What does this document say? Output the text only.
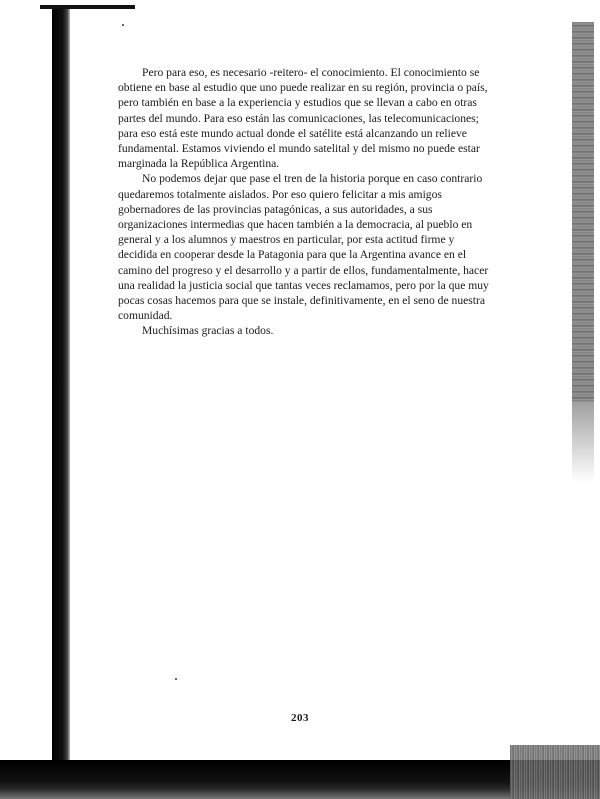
Pero para eso, es necesario -reitero- el conocimiento. El conocimiento se obtiene en base al estudio que uno puede realizar en su región, provincia o país, pero también en base a la experiencia y estudios que se llevan a cabo en otras partes del mundo. Para eso están las comunicaciones, las telecomunicaciones; para eso está este mundo actual donde el satélite está alcanzando un relieve fundamental. Estamos viviendo el mundo satelital y del mismo no puede estar marginada la República Argentina.

No podemos dejar que pase el tren de la historia porque en caso contrario quedaremos totalmente aislados. Por eso quiero felicitar a mis amigos gobernadores de las provincias patagónicas, a sus autoridades, a sus organizaciones intermedias que hacen también a la democracia, al pueblo en general y a los alumnos y maestros en particular, por esta actitud firme y decidida en cooperar desde la Patagonia para que la Argentina avance en el camino del progreso y el desarrollo y a partir de ellos, fundamentalmente, hacer una realidad la justicia social que tantas veces reclamamos, pero por la que muy pocas cosas hacemos para que se instale, definitivamente, en el seno de nuestra comunidad.

Muchísimas gracias a todos.

203
